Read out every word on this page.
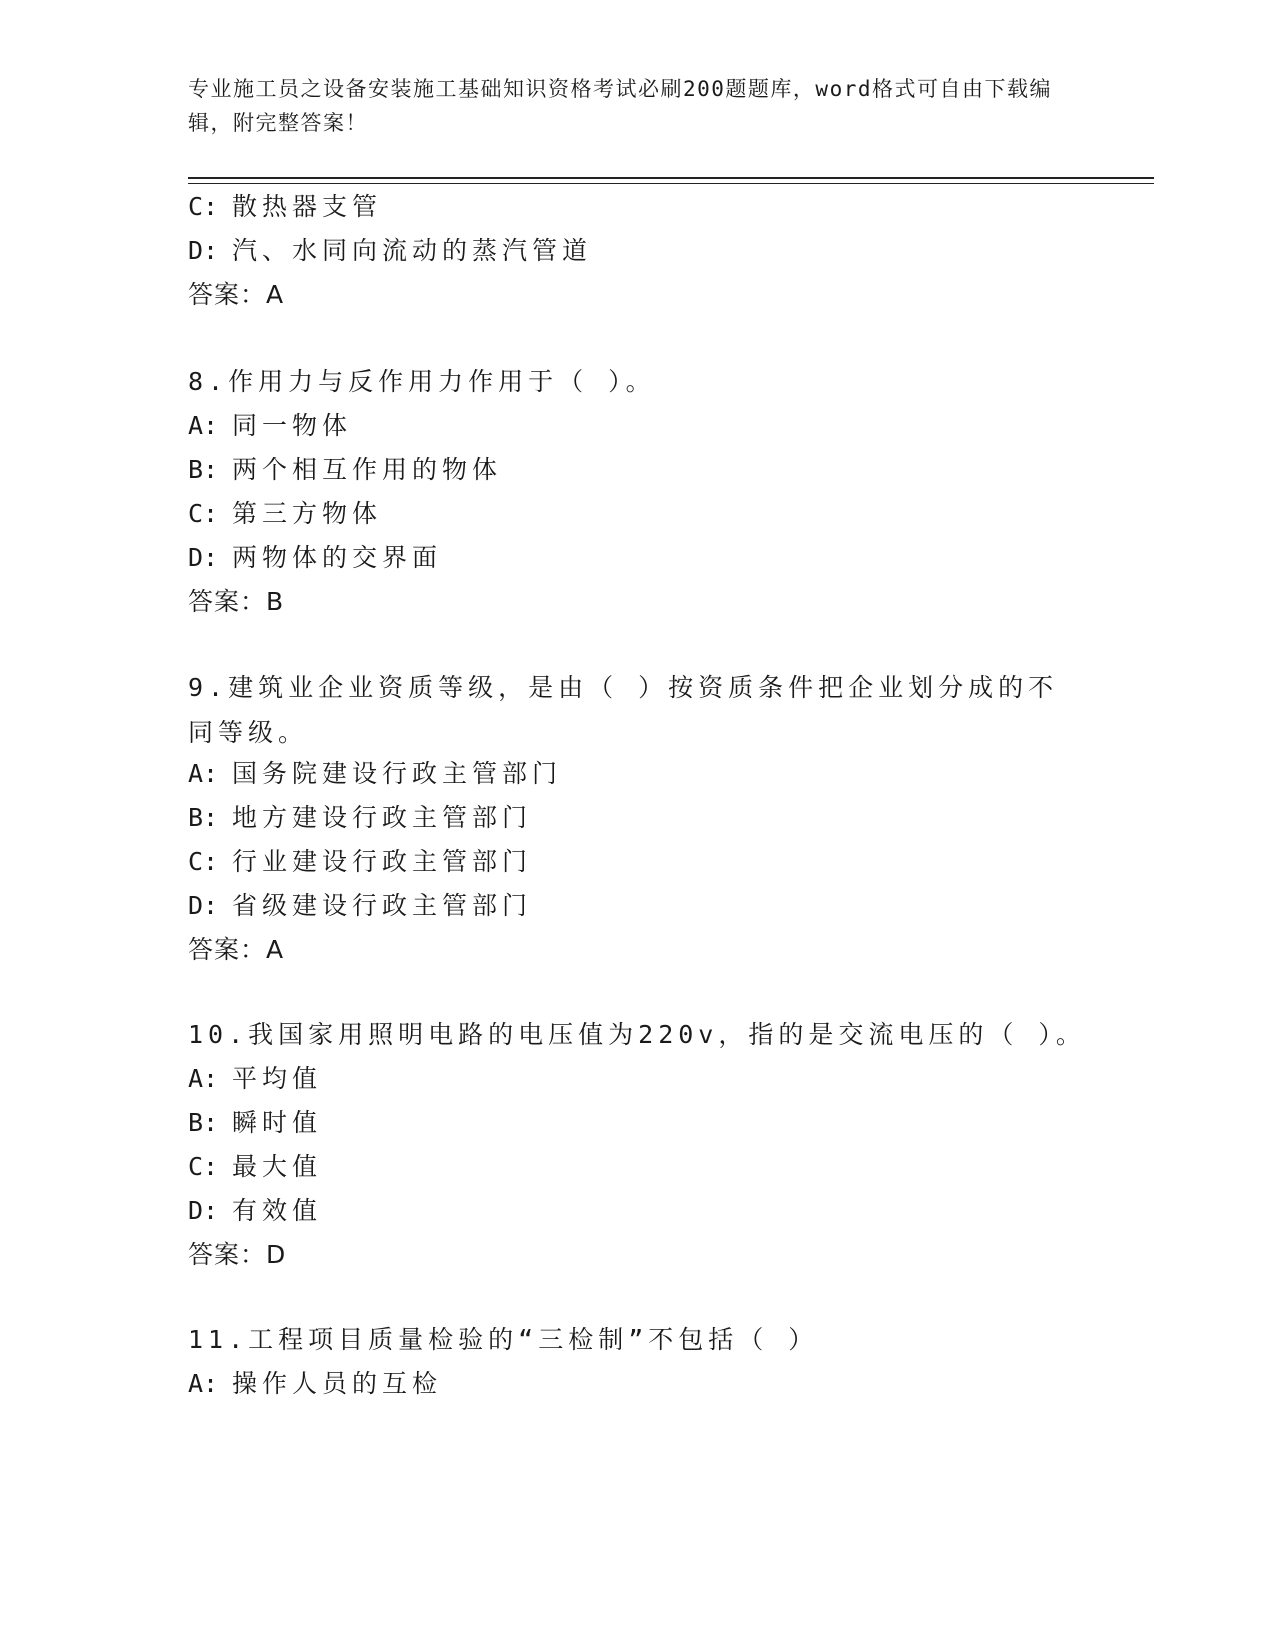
专业施工员之设备安装施工基础知识资格考试必刷200题题库，word格式可自由下载编辑，附完整答案！
C: 散热器支管
D: 汽、水同向流动的蒸汽管道
答案：A
8.作用力与反作用力作用于（ ）。
A: 同一物体
B: 两个相互作用的物体
C: 第三方物体
D: 两物体的交界面
答案：B
9.建筑业企业资质等级，是由（ ）按资质条件把企业划分成的不同等级。
A: 国务院建设行政主管部门
B: 地方建设行政主管部门
C: 行业建设行政主管部门
D: 省级建设行政主管部门
答案：A
10.我国家用照明电路的电压值为220v，指的是交流电压的（ ）。
A: 平均值
B: 瞬时值
C: 最大值
D: 有效值
答案：D
11.工程项目质量检验的“三检制”不包括（ ）
A: 操作人员的互检
